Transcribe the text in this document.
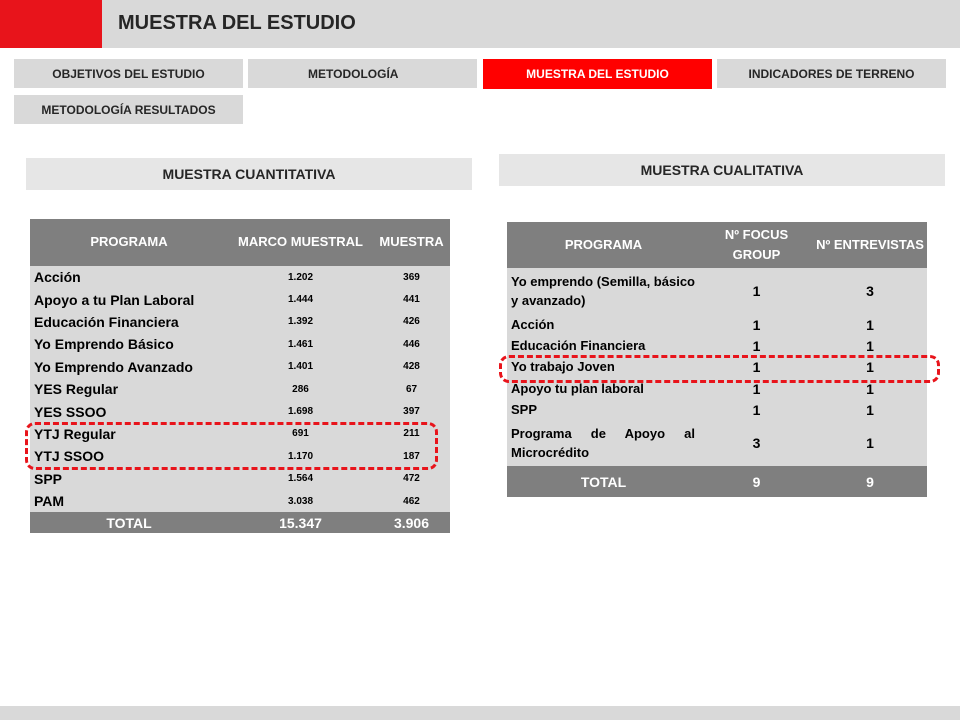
MUESTRA DEL ESTUDIO
OBJETIVOS DEL ESTUDIO	METODOLOGÍA	MUESTRA DEL ESTUDIO	INDICADORES DE TERRENO
METODOLOGÍA RESULTADOS
MUESTRA CUANTITATIVA	MUESTRA CUALITATIVA
PROGRAMA	MARCO MUESTRAL	MUESTRA
Acción	1.202	369
Apoyo a tu Plan Laboral	1.444	441
Educación Financiera	1.392	426
Yo Emprendo Básico	1.461	446
Yo Emprendo Avanzado	1.401	428
YES Regular	286	67
YES SSOO	1.698	397
YTJ Regular	691	211
YTJ SSOO	1.170	187
SPP	1.564	472
PAM	3.038	462
TOTAL	15.347	3.906
PROGRAMA	Nº FOCUS GROUP	Nº ENTREVISTAS
Yo emprendo (Semilla, básico y avanzado)	1	3
Acción	1	1
Educación Financiera	1	1
Yo trabajo Joven	1	1
Apoyo tu plan laboral	1	1
SPP	1	1
Programa de Apoyo al Microcrédito	3	1
TOTAL	9	9
